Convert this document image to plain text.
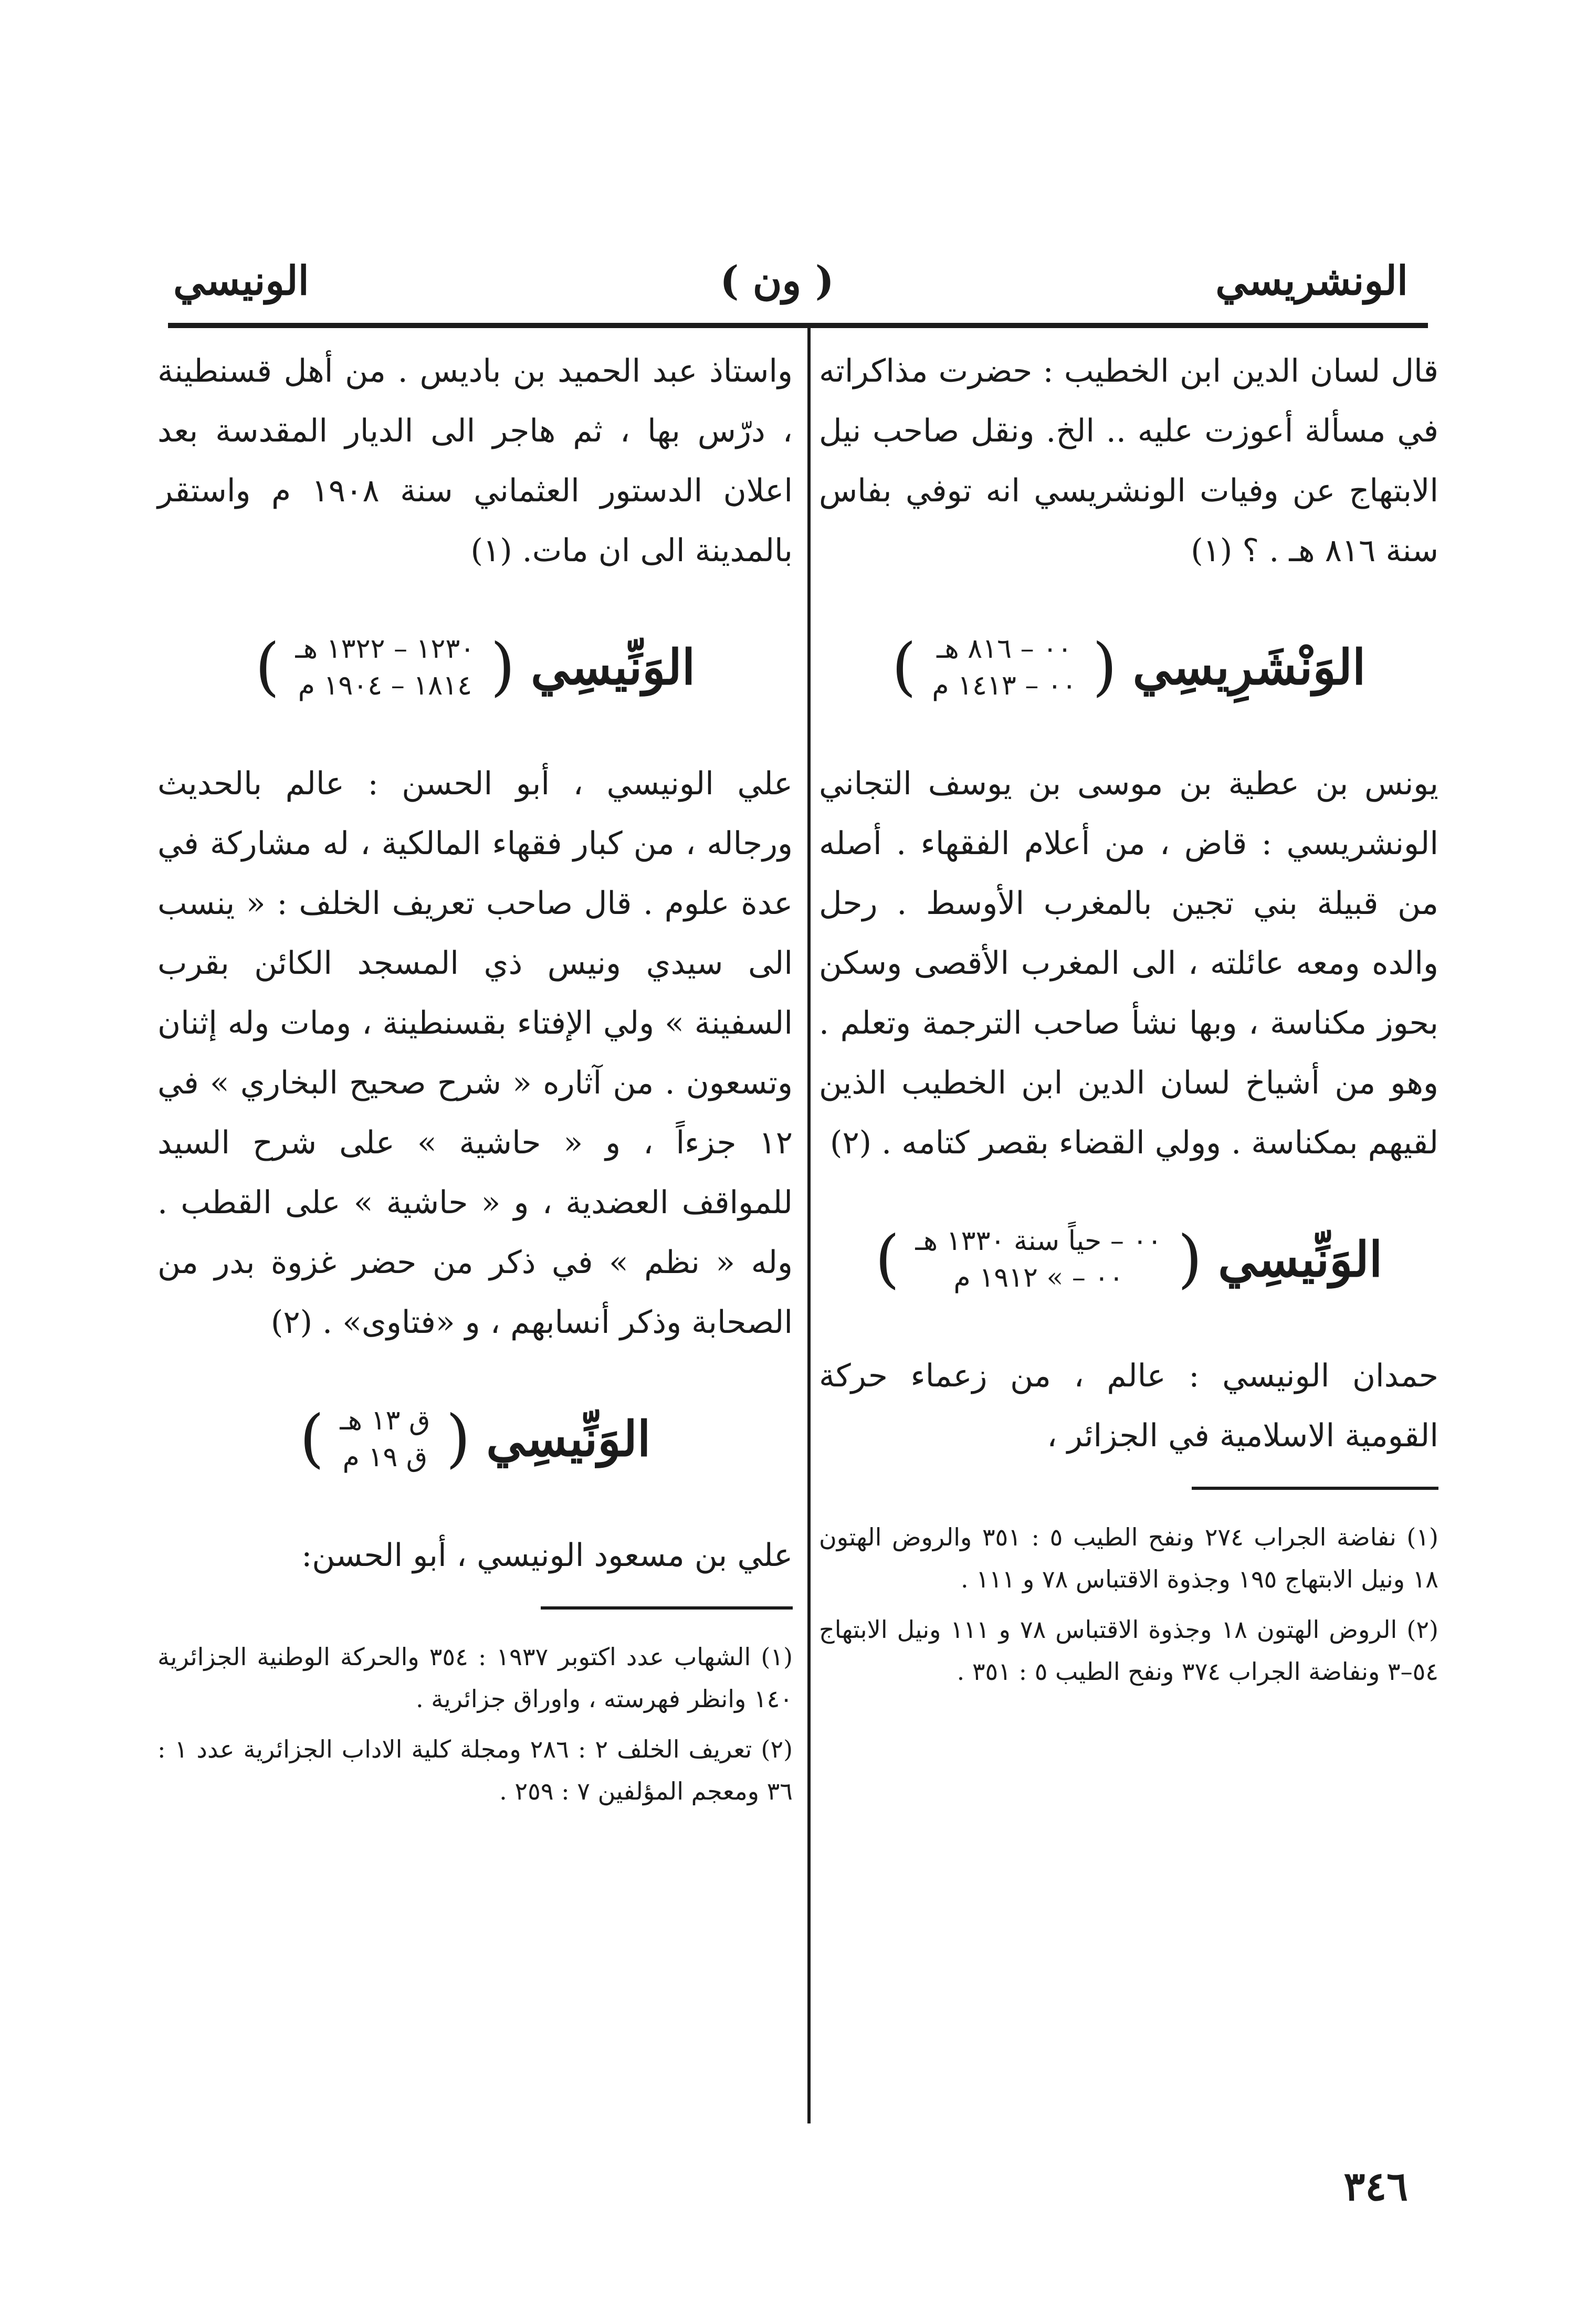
الونشريسي
( ون )
الونيسي

قال لسان الدين ابن الخطيب : حضرت مذاكراته في مسألة أعوزت عليه .. الخ. ونقل صاحب نيل الابتهاج عن وفيات الونشريسي انه توفي بفاس سنة ٨١٦ هـ . ؟ (١)

الوَنْشَرِيسِي
(
٠٠ – ٨١٦ هـ
٠٠ – ١٤١٣ م
)

يونس بن عطية بن موسى بن يوسف التجاني الونشريسي : قاض ، من أعلام الفقهاء . أصله من قبيلة بني تجين بالمغرب الأوسط . رحل والده ومعه عائلته ، الى المغرب الأقصى وسكن بحوز مكناسة ، وبها نشأ صاحب الترجمة وتعلم . وهو من أشياخ لسان الدين ابن الخطيب الذين لقيهم بمكناسة . وولي القضاء بقصر كتامه . (٢)

الوَنِّيسِي
(
٠٠ – حياً سنة ١٣٣٠ هـ
٠٠ – » ١٩١٢ م
)

حمدان الونيسي : عالم ، من زعماء حركة القومية الاسلامية في الجزائر ،

(١) نفاضة الجراب ٢٧٤ ونفح الطيب ٥ : ٣٥١ والروض الهتون ١٨ ونيل الابتهاج ١٩٥ وجذوة الاقتباس ٧٨ و ١١١ .

(٢) الروض الهتون ١٨ وجذوة الاقتباس ٧٨ و ١١١ ونيل الابتهاج ٥٤–٣ ونفاضة الجراب ٣٧٤ ونفح الطيب ٥ : ٣٥١ .

واستاذ عبد الحميد بن باديس . من أهل قسنطينة ، درّس بها ، ثم هاجر الى الديار المقدسة بعد اعلان الدستور العثماني سنة ١٩٠٨ م واستقر بالمدينة الى ان مات. (١)

الوَنِّيسِي
(
١٢٣٠ – ١٣٢٢ هـ
١٨١٤ – ١٩٠٤ م
)

علي الونيسي ، أبو الحسن : عالم بالحديث ورجاله ، من كبار فقهاء المالكية ، له مشاركة في عدة علوم . قال صاحب تعريف الخلف : « ينسب الى سيدي ونيس ذي المسجد الكائن بقرب السفينة » ولي الإفتاء بقسنطينة ، ومات وله إثنان وتسعون . من آثاره « شرح صحيح البخاري » في ١٢ جزءاً ، و « حاشية » على شرح السيد للمواقف العضدية ، و « حاشية » على القطب . وله « نظم » في ذكر من حضر غزوة بدر من الصحابة وذكر أنسابهم ، و «فتاوى» . (٢)

الوَنِّيسِي
(
ق ١٣ هـ
ق ١٩ م
)

علي بن مسعود الونيسي ، أبو الحسن:

(١) الشهاب عدد اكتوبر ١٩٣٧ : ٣٥٤ والحركة الوطنية الجزائرية ١٤٠ وانظر فهرسته ، واوراق جزائرية .

(٢) تعريف الخلف ٢ : ٢٨٦ ومجلة كلية الاداب الجزائرية عدد ١ : ٣٦ ومعجم المؤلفين ٧ : ٢٥٩ .

٣٤٦
